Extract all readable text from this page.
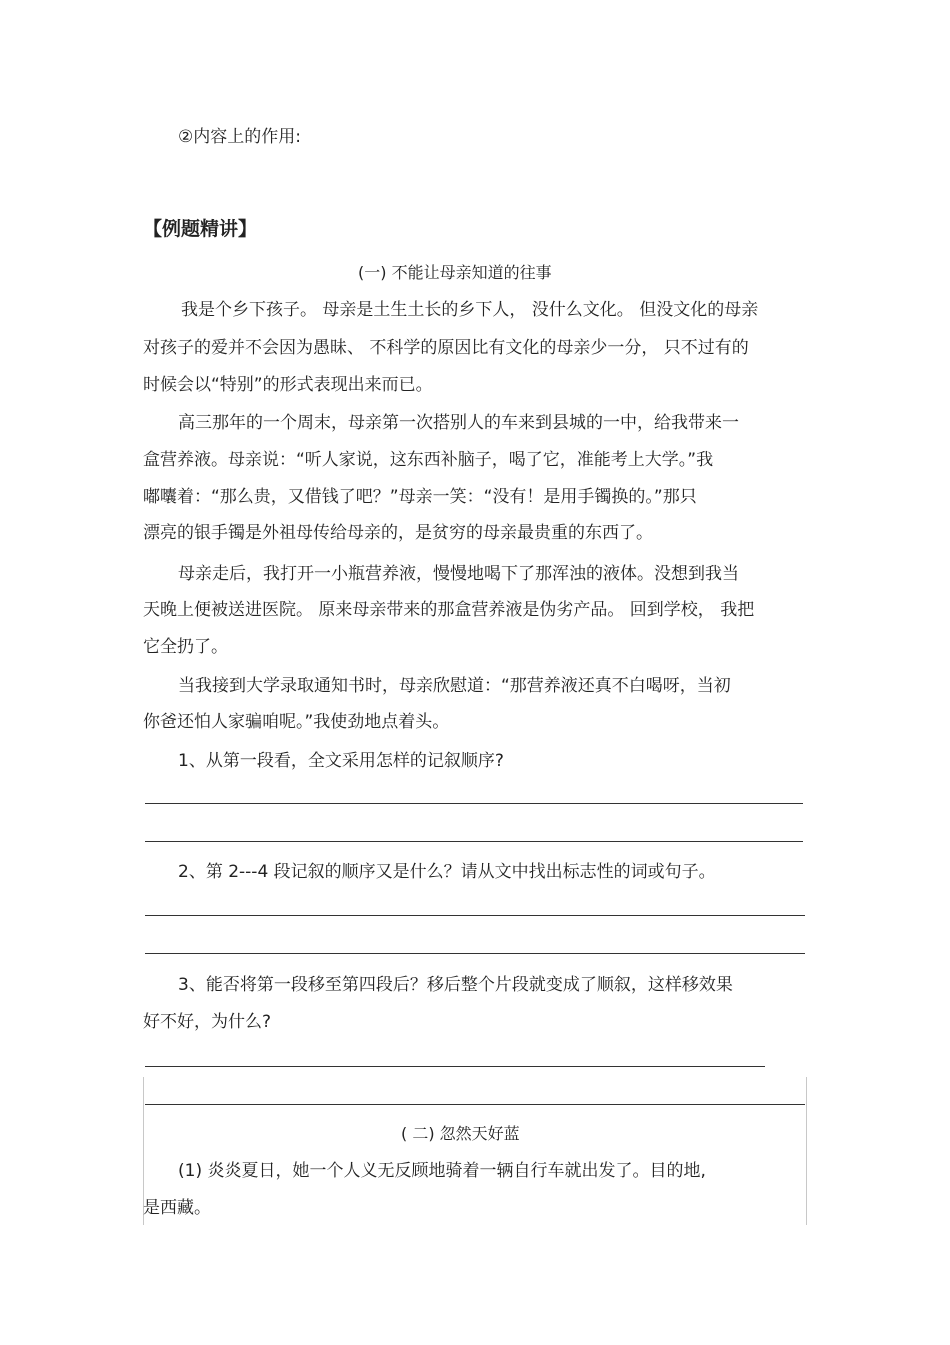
②内容上的作用:
【例题精讲】
(一) 不能让母亲知道的往事
我是个乡下孩子。 母亲是土生土长的乡下人， 没什么文化。 但没文化的母亲
对孩子的爱并不会因为愚昧、 不科学的原因比有文化的母亲少一分， 只不过有的
时候会以“特别”的形式表现出来而已。
高三那年的一个周末，母亲第一次搭别人的车来到县城的一中，给我带来一
盒营养液。母亲说：“听人家说，这东西补脑子，喝了它，准能考上大学。”我
嘟囔着：“那么贵，又借钱了吧？”母亲一笑：“没有！是用手镯换的。”那只
漂亮的银手镯是外祖母传给母亲的，是贫穷的母亲最贵重的东西了。
母亲走后，我打开一小瓶营养液，慢慢地喝下了那浑浊的液体。没想到我当
天晚上便被送进医院。 原来母亲带来的那盒营养液是伪劣产品。 回到学校， 我把
它全扔了。
当我接到大学录取通知书时，母亲欣慰道：“那营养液还真不白喝呀，当初
你爸还怕人家骗咱呢。”我使劲地点着头。
1、从第一段看，全文采用怎样的记叙顺序?
2、第 2---4 段记叙的顺序又是什么？请从文中找出标志性的词或句子。
3、能否将第一段移至第四段后？移后整个片段就变成了顺叙，这样移效果
好不好，为什么?
( 二) 忽然天好蓝
(1) 炎炎夏日，她一个人义无反顾地骑着一辆自行车就出发了。目的地,
是西藏。
